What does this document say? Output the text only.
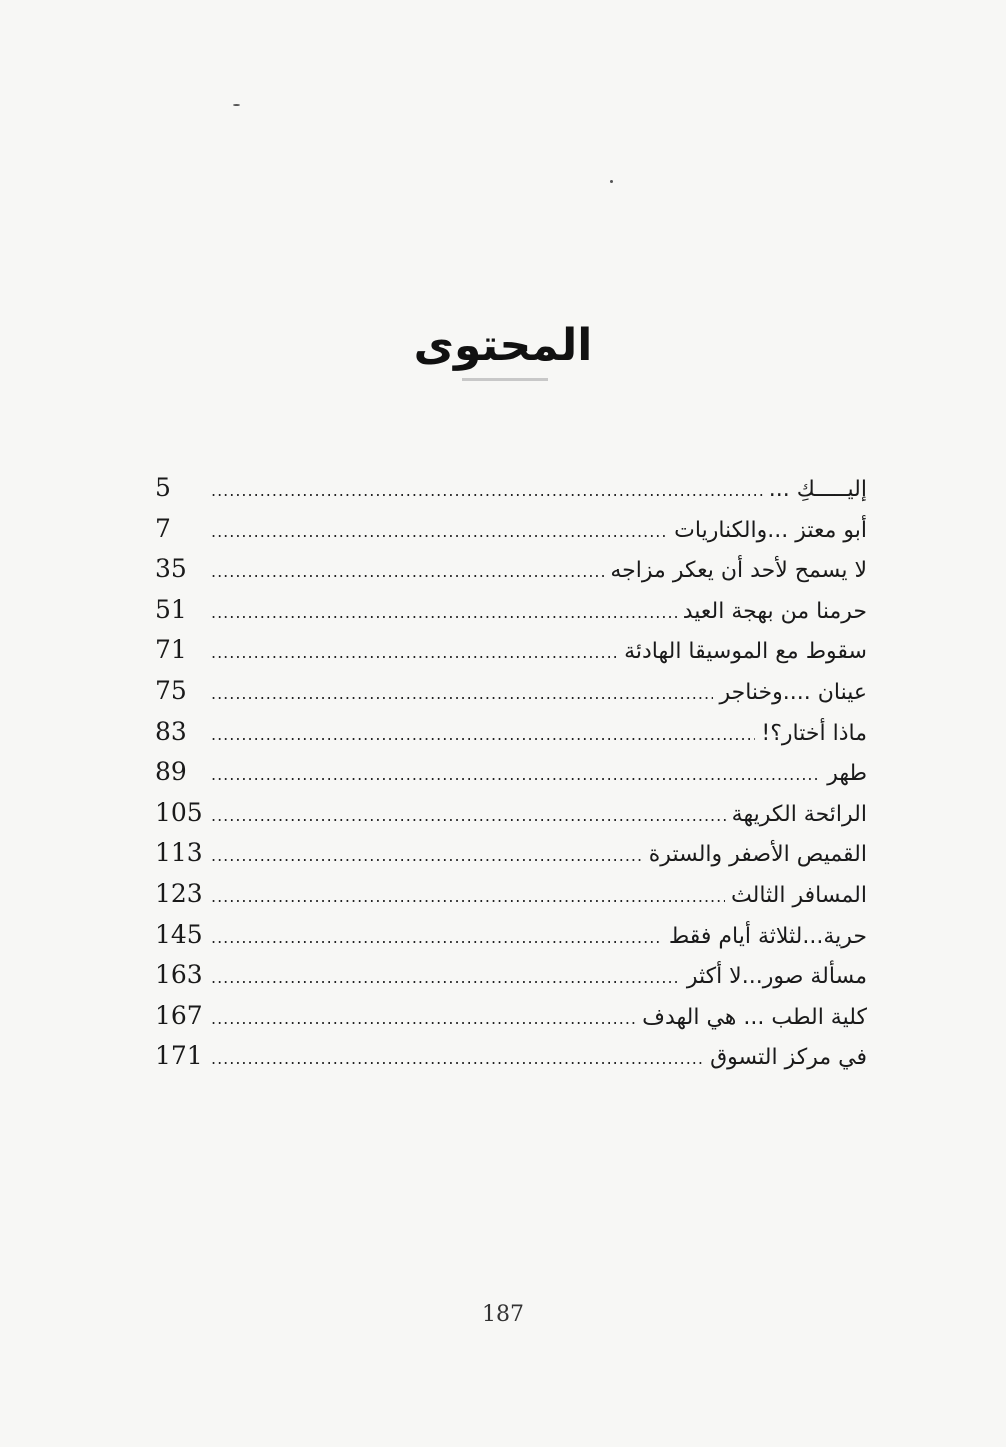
المحتوى
إليـــــكِ ...
.....
5
أبو معتز ...والكناريات
.....
7
لا يسمح لأحد أن يعكر مزاجه
.....
35
حرمنا من بهجة العيد
.....
51
سقوط مع الموسيقا الهادئة
.....
71
عينان ....وخناجر
.....
75
ماذا أختار؟!
.....
83
طهر
.....
89
الرائحة الكريهة
.....
105
القميص الأصفر والسترة
.....
113
المسافر الثالث
.....
123
حرية...لثلاثة أيام فقط
.....
145
مسألة صور...لا أكثر
.....
163
كلية الطب ... هي الهدف
.....
167
في مركز التسوق
.....
171
187
